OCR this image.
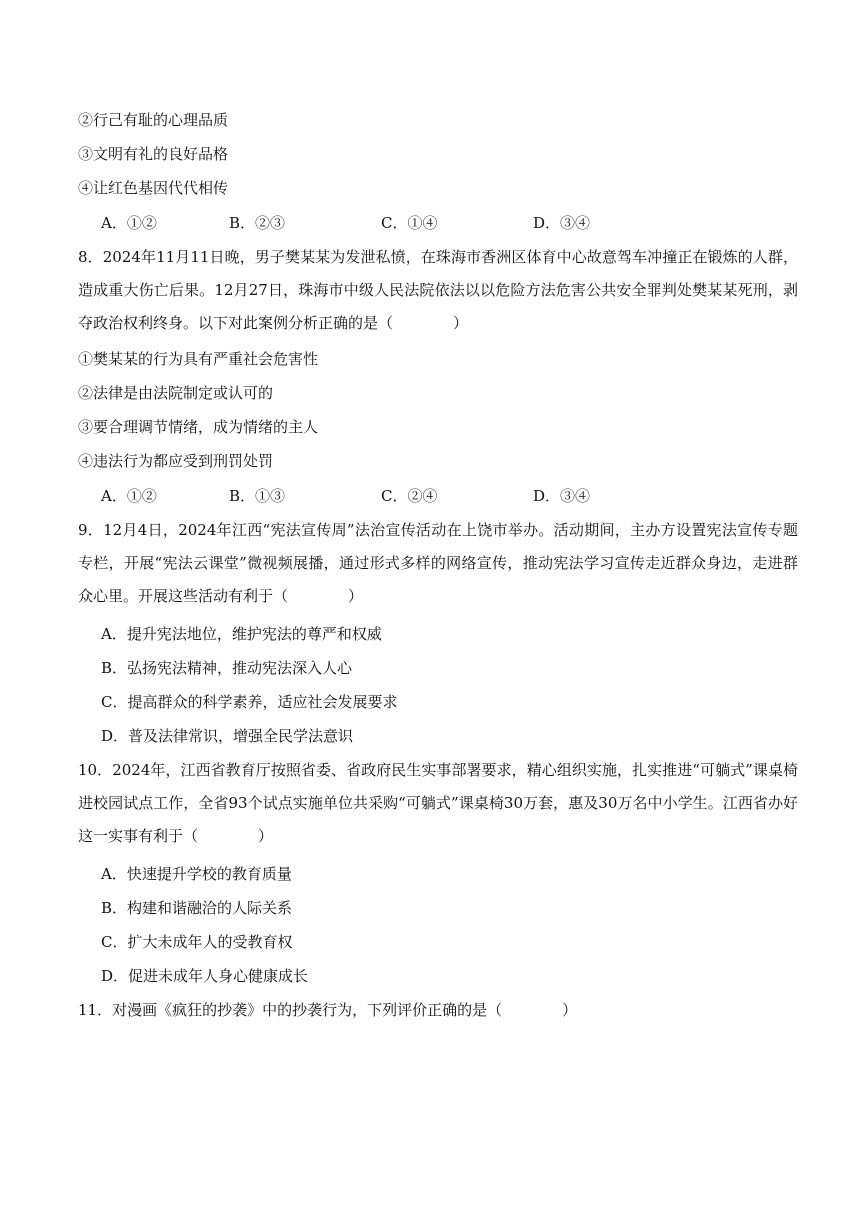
②行己有耻的心理品质
③文明有礼的良好品格
④让红色基因代代相传
A．①②	B．②③	C．①④	D．③④
8．2024年11月11日晚，男子樊某某为发泄私愤，在珠海市香洲区体育中心故意驾车冲撞正在锻炼的人群，造成重大伤亡后果。12月27日，珠海市中级人民法院依法以以危险方法危害公共安全罪判处樊某某死刑，剥夺政治权利终身。以下对此案例分析正确的是（　　　　）
①樊某某的行为具有严重社会危害性
②法律是由法院制定或认可的
③要合理调节情绪，成为情绪的主人
④违法行为都应受到刑罚处罚
A．①②	B．①③	C．②④	D．③④
9．12月4日，2024年江西“宪法宣传周”法治宣传活动在上饶市举办。活动期间，主办方设置宪法宣传专题专栏，开展“宪法云课堂”微视频展播，通过形式多样的网络宣传，推动宪法学习宣传走近群众身边，走进群众心里。开展这些活动有利于（　　　　）
A．提升宪法地位，维护宪法的尊严和权威
B．弘扬宪法精神，推动宪法深入人心
C．提高群众的科学素养，适应社会发展要求
D．普及法律常识，增强全民学法意识
10．2024年，江西省教育厅按照省委、省政府民生实事部署要求，精心组织实施，扎实推进“可躺式”课桌椅进校园试点工作，全省93个试点实施单位共采购“可躺式”课桌椅30万套，惠及30万名中小学生。江西省办好这一实事有利于（　　　　）
A．快速提升学校的教育质量
B．构建和谐融洽的人际关系
C．扩大未成年人的受教育权
D．促进未成年人身心健康成长
11．对漫画《疯狂的抄袭》中的抄袭行为，下列评价正确的是（　　　　）
